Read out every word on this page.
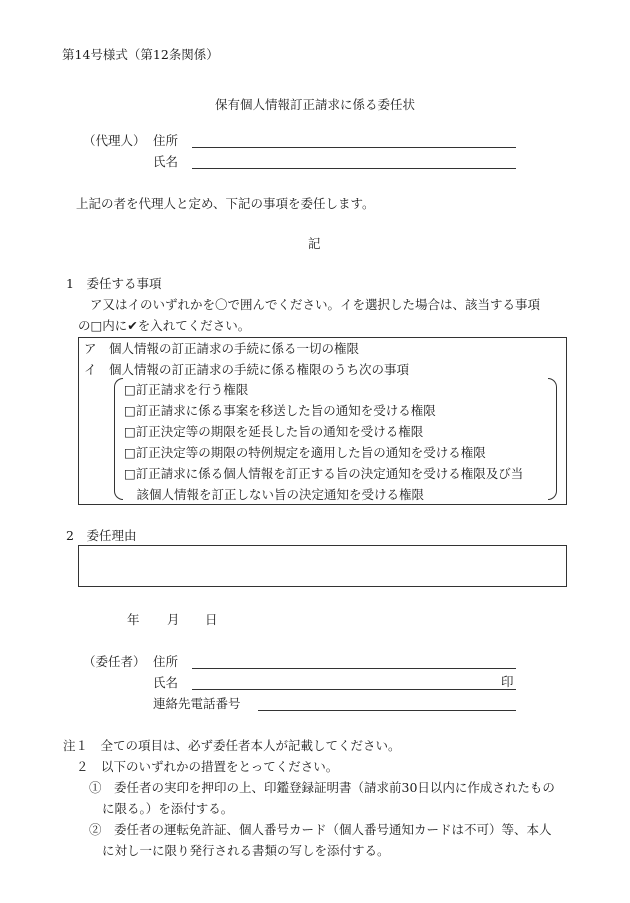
第14号様式（第12条関係）
保有個人情報訂正請求に係る委任状
（代理人） 住所
氏名
上記の者を代理人と定め、下記の事項を委任します。
記
1　委任する事項
ア又はイのいずれかを〇で囲んでください。イを選択した場合は、該当する事項
の□内に✔を入れてください。
ア　個人情報の訂正請求の手続に係る一切の権限
イ　個人情報の訂正請求の手続に係る権限のうち次の事項
□訂正請求を行う権限
□訂正請求に係る事案を移送した旨の通知を受ける権限
□訂正決定等の期限を延長した旨の通知を受ける権限
□訂正決定等の期限の特例規定を適用した旨の通知を受ける権限
□訂正請求に係る個人情報を訂正する旨の決定通知を受ける権限及び当
　該個人情報を訂正しない旨の決定通知を受ける権限
2　委任理由
年 月 日
（委任者） 住所
氏名	印
連絡先電話番号
注１　全ての項目は、必ず委任者本人が記載してください。
２　以下のいずれかの措置をとってください。
①　委任者の実印を押印の上、印鑑登録証明書（請求前30日以内に作成されたもの
に限る。）を添付する。
②　委任者の運転免許証、個人番号カード（個人番号通知カードは不可）等、本人
に対し一に限り発行される書類の写しを添付する。
